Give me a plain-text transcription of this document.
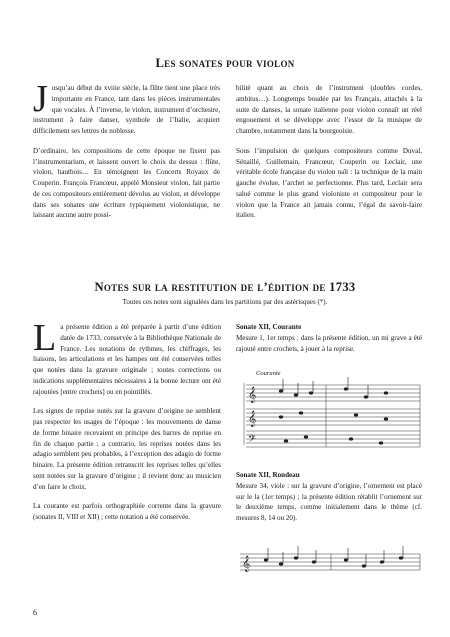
Les sonates pour violon

Jusqu’au début du xviiie siècle, la flûte tient une place très importante en France, tant dans les pièces instrumentales que vocales. À l’inverse, le violon, instrument d’orchestre, instrument à faire danser, symbole de l’Italie, acquiert difficilement ses lettres de noblesse.

D’ordinaire, les compositions de cette époque ne fixent pas l’instrumentarium, et laissent ouvert le choix du dessus : flûte, violon, hautbois… En témoignent les Concerts Royaux de Couperin. François Francœur, appelé Monsieur violon, fait partie de ces compositeurs entièrement dévolus au violon, et développe dans ses sonates une écriture typiquement violonistique, ne laissant aucune autre possi-

bilité quant au choix de l’instrument (doubles cordes, ambitus…). Longtemps boudée par les Français, attachés à la suite de danses, la sonate italienne pour violon connaît un réel engouement et se développe avec l’essor de la musique de chambre, notamment dans la bourgeoisie.

Sous l’impulsion de quelques compositeurs comme Duval, Sénaillé, Guillemain, Francœur, Couperin ou Leclair, une véritable école française du violon naît : la technique de la main gauche évolue, l’archet se perfectionne. Plus tard, Leclair sera salué comme le plus grand violoniste et compositeur pour le violon que la France ait jamais connu, l’égal du savoir-faire italien.

Notes sur la restitution de l’édition de 1733
Toutes ces notes sont signalées dans les partitions par des astérisques (*).

La présente édition a été préparée à partir d’une édition datée de 1733, conservée à la Bibliothèque Nationale de France. Les notations de rythmes, les chiffrages, les liaisons, les articulations et les hampes ont été conservées telles que notées dans la gravure originale ; toutes corrections ou indications supplémentaires nécessaires à la bonne lecture ont été rajoutées [entre crochets] ou en pointillés.

Les signes de reprise notés sur la gravure d’origine ne semblent pas respecter les usages de l’époque : les mouvements de danse de forme binaire recevaient en principe des barres de reprise en fin de chaque partie ; a contrario, les reprises notées dans les adagio semblent peu probables, à l’exception des adagio de forme binaire. La présente édition retranscrit les reprises telles qu’elles sont notées sur la gravure d’origine ; il revient donc au musicien d’en faire le choix.

La courante est parfois orthographiée corrente dans la gravure (sonates II, VIII et XII) ; cette notation a été conservée.

Sonate XII, Courante
Mesure 1, 1er temps : dans la présente édition, un mi grave a été rajouté entre crochets, à jouer à la reprise.
Courante
𝄞
𝄞
𝄢
Sonate XII, Rondeau
Mesure 34, viole : sur la gravure d’origine, l’ornement est placé sur le la (1er temps) ; la présente édition rétablit l’ornement sur le deuxième temps, comme initialement dans le thème (cf. mesures 8, 14 ou 20).
𝄞
6
